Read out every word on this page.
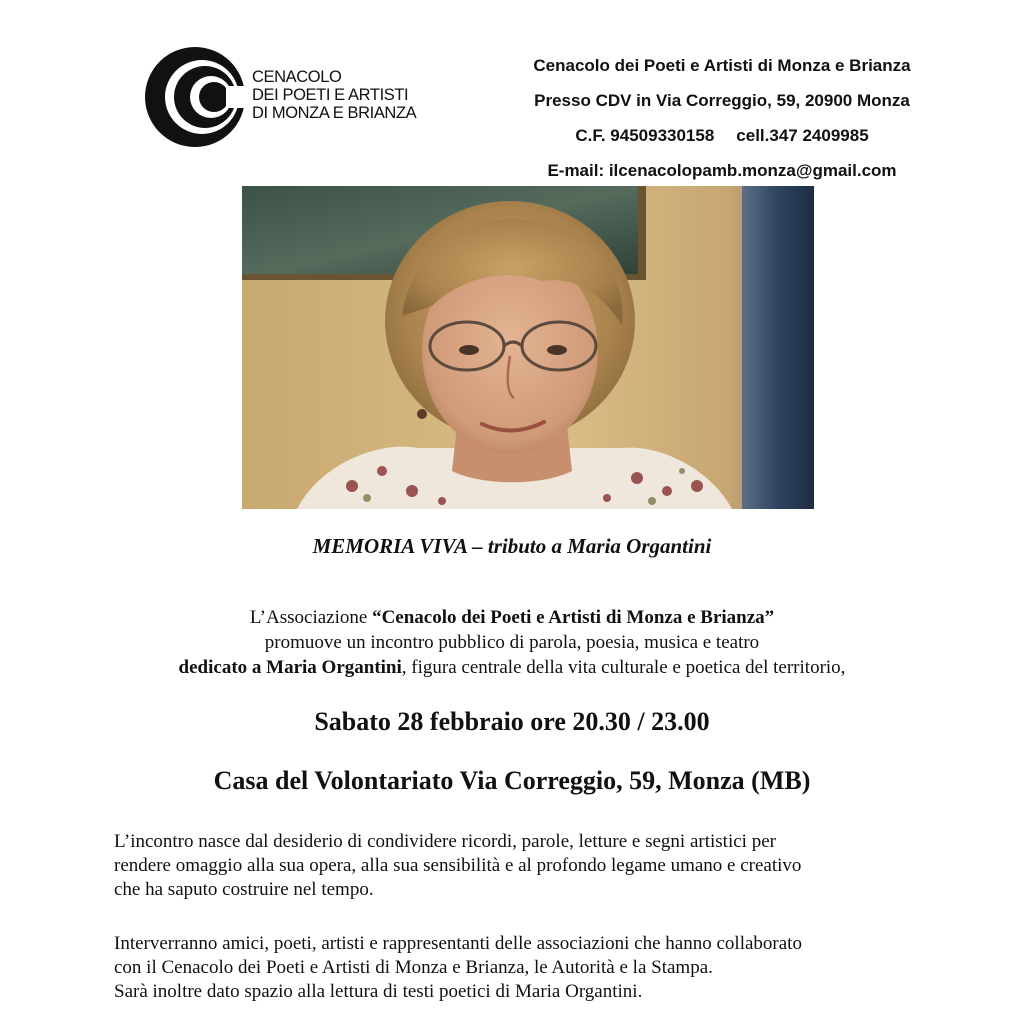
CENACOLO
DEI POETI E ARTISTI
DI MONZA E BRIANZA
Cenacolo dei Poeti e Artisti di Monza e Brianza
Presso CDV in Via Correggio, 59, 20900 Monza
C.F. 94509330158 cell.347 2409985
E-mail: ilcenacolopamb.monza@gmail.com
MEMORIA VIVA – tributo a Maria Organtini
L’Associazione “Cenacolo dei Poeti e Artisti di Monza e Brianza”
promuove un incontro pubblico di parola, poesia, musica e teatro
dedicato a Maria Organtini, figura centrale della vita culturale e poetica del territorio,
Sabato 28 febbraio ore 20.30 / 23.00
Casa del Volontariato Via Correggio, 59, Monza (MB)
L’incontro nasce dal desiderio di condividere ricordi, parole, letture e segni artistici per
rendere omaggio alla sua opera, alla sua sensibilità e al profondo legame umano e creativo
che ha saputo costruire nel tempo.
Interverranno amici, poeti, artisti e rappresentanti delle associazioni che hanno collaborato
con il Cenacolo dei Poeti e Artisti di Monza e Brianza, le Autorità e la Stampa.
Sarà inoltre dato spazio alla lettura di testi poetici di Maria Organtini.
